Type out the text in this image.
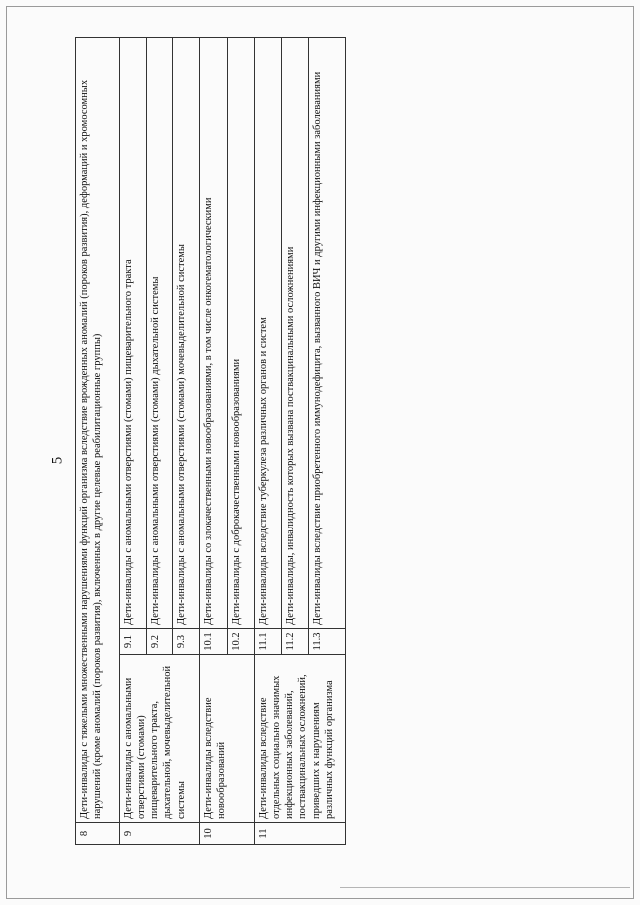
5
8	Дети-инвалиды с тяжелыми множественными нарушениями функций организма вследствие врожденных аномалий (пороков развития), деформаций и хромосомных нарушений (кроме аномалий (пороков развития), включенных в другие целевые реабилитационные группы)		
9	Дети-инвалиды с аномальными отверстиями (стомами) пищеварительного тракта, дыхательной, мочевыделительной системы	9.1	Дети-инвалиды с аномальными отверстиями (стомами) пищеварительного тракта
		9.2	Дети-инвалиды с аномальными отверстиями (стомами) дыхательной системы
		9.3	Дети-инвалиды с аномальными отверстиями (стомами) мочевыделительной системы
10	Дети-инвалиды вследствие новообразований	10.1	Дети-инвалиды со злокачественными новообразованиями, в том числе онкогематологическими
		10.2	Дети-инвалиды с доброкачественными новообразованиями
11	Дети-инвалиды вследствие отдельных социально значимых инфекционных заболеваний, поствакцинальных осложнений, приведших к нарушениям различных функций организма	11.1	Дети-инвалиды вследствие туберкулеза различных органов и систем
		11.2	Дети-инвалиды, инвалидность которых вызвана поствакцинальными осложнениями
		11.3	Дети-инвалиды вследствие приобретенного иммунодефицита, вызванного ВИЧ и другими инфекционными заболеваниями
